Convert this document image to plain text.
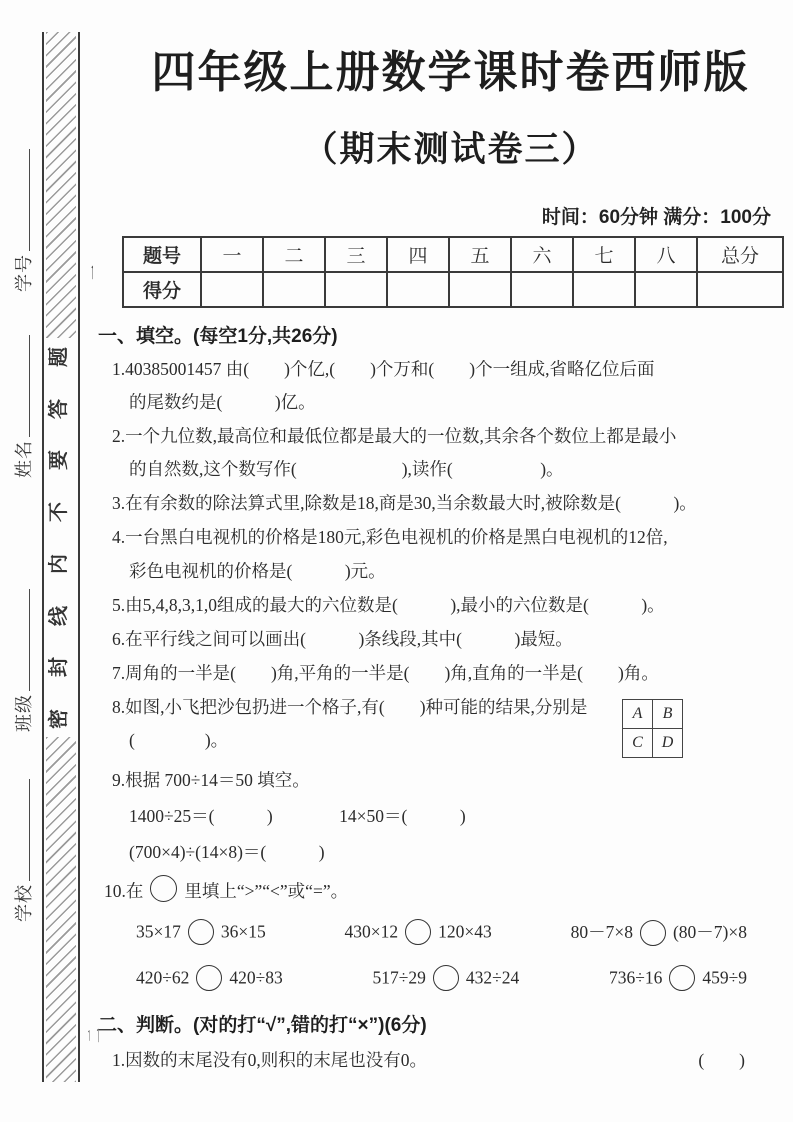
题
答
要
不
内
线
封
密
学号
姓名
班级
学校
一
二
四年级上册数学课时卷西师版
（期末测试卷三）
时间：60分钟 满分：100分
题号	一	二	三	四	五	六	七	八	总分
得分									
一、填空。(每空1分,共26分)
1.40385001457 由(　　)个亿,(　　)个万和(　　)个一组成,省略亿位后面
的尾数约是(　　　)亿。
2.一个九位数,最高位和最低位都是最大的一位数,其余各个数位上都是最小
的自然数,这个数写作(　　　　　　),读作(　　　　　)。
3.在有余数的除法算式里,除数是18,商是30,当余数最大时,被除数是(　　　)。
4.一台黑白电视机的价格是180元,彩色电视机的价格是黑白电视机的12倍,
彩色电视机的价格是(　　　)元。
5.由5,4,8,3,1,0组成的最大的六位数是(　　　),最小的六位数是(　　　)。
6.在平行线之间可以画出(　　　)条线段,其中(　　　)最短。
7.周角的一半是(　　)角,平角的一半是(　　)角,直角的一半是(　　)角。
8.如图,小飞把沙包扔进一个格子,有(　　)种可能的结果,分别是
(　　　　)。
A	B
C	D
9.根据 700÷14＝50 填空。
1400÷25＝(　　　)	14×50＝(　　　)
(700×4)÷(14×8)＝(　　　)
10.在 里填上“>”“<”或“=”。
35×17 36×15	430×12 120×43	80－7×8 (80－7)×8
420÷62 420÷83	517÷29 432÷24	736÷16 459÷9
二、判断。(对的打“√”,错的打“×”)(6分)
1.因数的末尾没有0,则积的末尾也没有0。	(　　)
